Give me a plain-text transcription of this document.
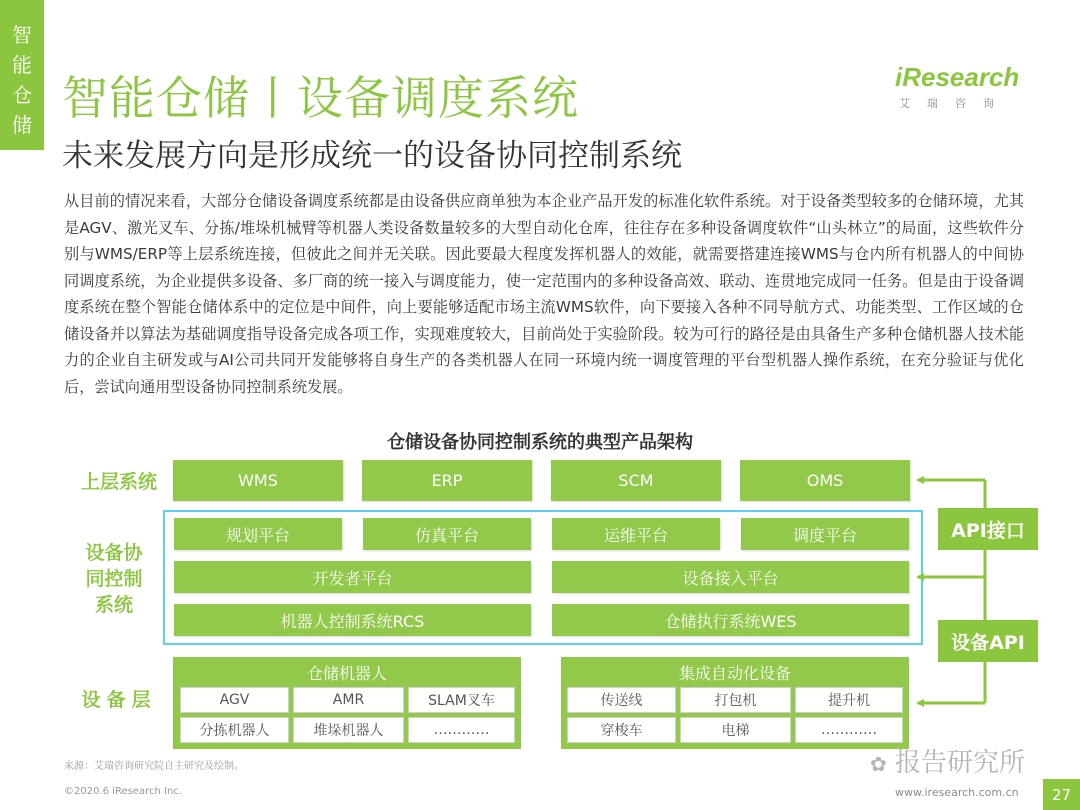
智
能
仓
储 智能仓储丨设备调度系统
未来发展方向是形成统一的设备协同控制系统
iResearch
艾瑞咨询
从目前的情况来看，大部分仓储设备调度系统都是由设备供应商单独为本企业产品开发的标准化软件系统。对于设备类型较多的仓储环境，尤其是AGV、激光叉车、分拣/堆垛机械臂等机器人类设备数量较多的大型自动化仓库，往往存在多种设备调度软件“山头林立”的局面，这些软件分别与WMS/ERP等上层系统连接，但彼此之间并无关联。因此要最大程度发挥机器人的效能，就需要搭建连接WMS与仓内所有机器人的中间协同调度系统，为企业提供多设备、多厂商的统一接入与调度能力，使一定范围内的多种设备高效、联动、连贯地完成同一任务。但是由于设备调度系统在整个智能仓储体系中的定位是中间件，向上要能够适配市场主流WMS软件，向下要接入各种不同导航方式、功能类型、工作区域的仓储设备并以算法为基础调度指导设备完成各项工作，实现难度较大，目前尚处于实验阶段。较为可行的路径是由具备生产多种仓储机器人技术能力的企业自主研发或与AI公司共同开发能够将自身生产的各类机器人在同一环境内统一调度管理的平台型机器人操作系统，在充分验证与优化后，尝试向通用型设备协同控制系统发展。
仓储设备协同控制系统的典型产品架构
上层系统
设备协同控制系统
设备层
WMS	ERP	SCM	OMS
规划平台	仿真平台	运维平台	调度平台
开发者平台	设备接入平台
机器人控制系统RCS	仓储执行系统WES
仓储机器人
AGV	AMR	SLAM叉车
分拣机器人	堆垛机器人	…………
集成自动化设备
传送线	打包机	提升机
穿梭车	电梯	…………
API接口
设备API
来源：艾瑞咨询研究院自主研究及绘制。
©2020.6 iResearch Inc.
✿ 报告研究所
www.iresearch.com.cn	27
